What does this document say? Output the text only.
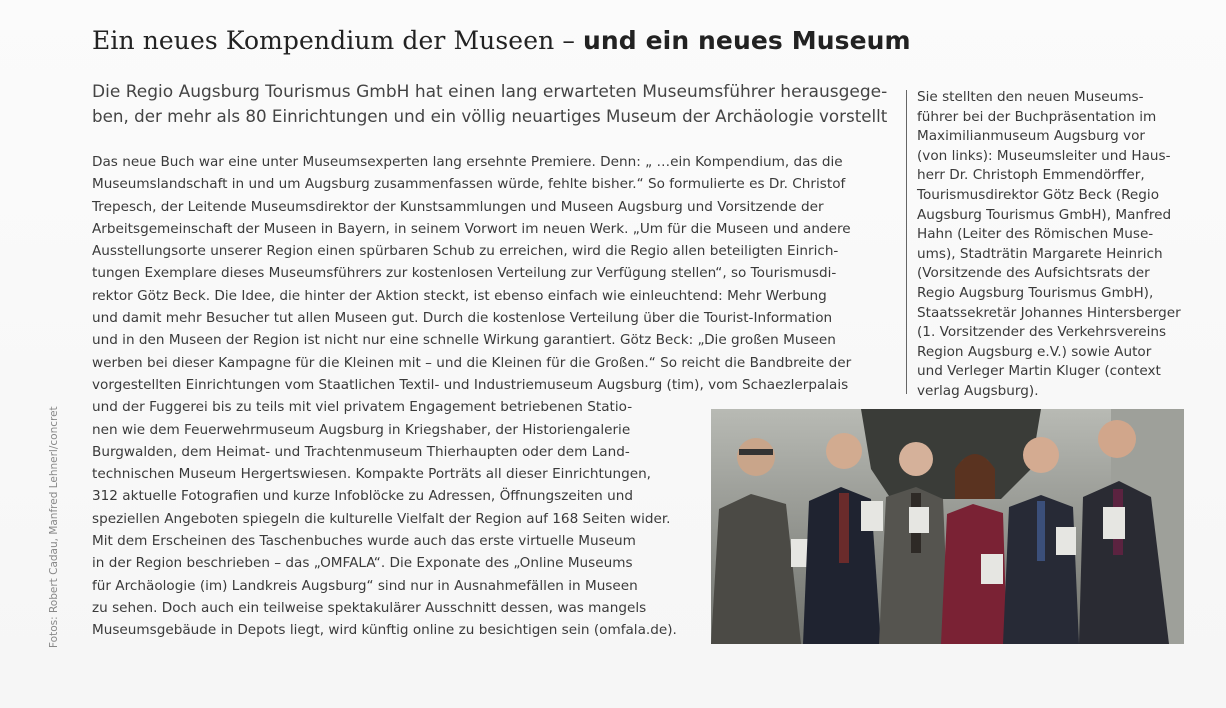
Ein neues Kompendium der Museen – und ein neues Museum
Die Regio Augsburg Tourismus GmbH hat einen lang erwarteten Museumsführer herausgege-
ben, der mehr als 80 Einrichtungen und ein völlig neuartiges Museum der Archäologie vorstellt
Das neue Buch war eine unter Museumsexperten lang ersehnte Premiere. Denn: „ …ein Kompendium, das die
Museumslandschaft in und um Augsburg zusammenfassen würde, fehlte bisher.“ So formulierte es Dr. Christof
Trepesch, der Leitende Museumsdirektor der Kunstsammlungen und Museen Augsburg und Vorsitzende der
Arbeitsgemeinschaft der Museen in Bayern, in seinem Vorwort im neuen Werk. „Um für die Museen und andere
Ausstellungsorte unserer Region einen spürbaren Schub zu erreichen, wird die Regio allen beteiligten Einrich-
tungen Exemplare dieses Museumsführers zur kostenlosen Verteilung zur Verfügung stellen“, so Tourismusdi-
rektor Götz Beck. Die Idee, die hinter der Aktion steckt, ist ebenso einfach wie einleuchtend: Mehr Werbung
und damit mehr Besucher tut allen Museen gut. Durch die kostenlose Verteilung über die Tourist-Information
und in den Museen der Region ist nicht nur eine schnelle Wirkung garantiert. Götz Beck: „Die großen Museen
werben bei dieser Kampagne für die Kleinen mit – und die Kleinen für die Großen.“ So reicht die Bandbreite der
vorgestellten Einrichtungen vom Staatlichen Textil- und Industriemuseum Augsburg (tim), vom Schaezlerpalais
und der Fuggerei bis zu teils mit viel privatem Engagement betriebenen Statio-
nen wie dem Feuerwehrmuseum Augsburg in Kriegshaber, der Historiengalerie
Burgwalden, dem Heimat- und Trachtenmuseum Thierhaupten oder dem Land-
technischen Museum Hergertswiesen. Kompakte Porträts all dieser Einrichtungen,
312 aktuelle Fotografien und kurze Infoblöcke zu Adressen, Öffnungszeiten und
speziellen Angeboten spiegeln die kulturelle Vielfalt der Region auf 168 Seiten wider.
Mit dem Erscheinen des Taschenbuches wurde auch das erste virtuelle Museum
in der Region beschrieben – das „OMFALA“. Die Exponate des „Online Museums
für Archäologie (im) Landkreis Augsburg“ sind nur in Ausnahmefällen in Museen
zu sehen. Doch auch ein teilweise spektakulärer Ausschnitt dessen, was mangels
Museumsgebäude in Depots liegt, wird künftig online zu besichtigen sein (omfala.de).
Sie stellten den neuen Museums-
führer bei der Buchpräsentation im
Maximilianmuseum Augsburg vor
(von links): Museumsleiter und Haus-
herr Dr. Christoph Emmendörffer,
Tourismusdirektor Götz Beck (Regio
Augsburg Tourismus GmbH), Manfred
Hahn (Leiter des Römischen Muse-
ums), Stadträtin Margarete Heinrich
(Vorsitzende des Aufsichtsrats der
Regio Augsburg Tourismus GmbH),
Staatssekretär Johannes Hintersberger
(1. Vorsitzender des Verkehrsvereins
Region Augsburg e.V.) sowie Autor
und Verleger Martin Kluger (context
verlag Augsburg).
Fotos: Robert Cadau, Manfred Lehnerl/concret
